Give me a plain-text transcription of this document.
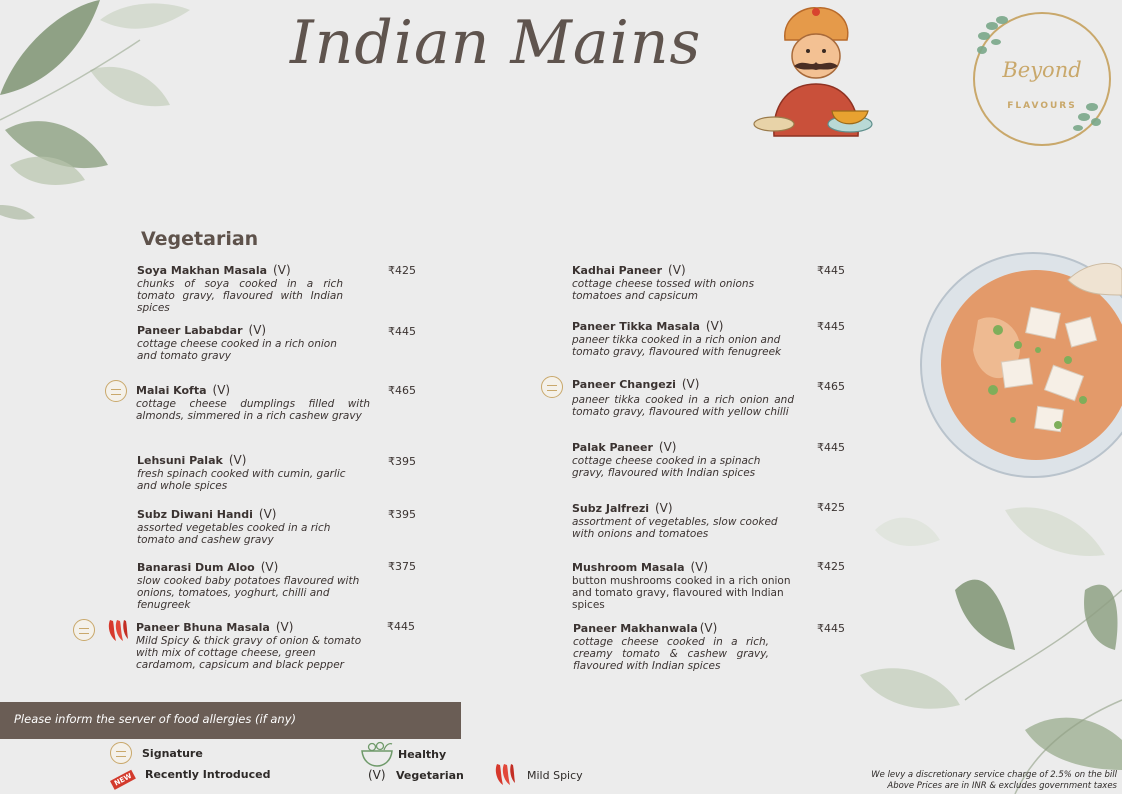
Indian Mains	Beyond
FLAVOURS
Vegetarian
Soya Makhan Masala (V)
chunks of soya cooked in a rich tomato gravy, flavoured with Indian spices
₹425
Paneer Lababdar (V)
cottage cheese cooked in a rich onion and tomato gravy
₹445
Malai Kofta (V)
cottage cheese dumplings filled with almonds, simmered in a rich cashew gravy
₹465
Lehsuni Palak (V)
fresh spinach cooked with cumin, garlic and whole spices
₹395
Subz Diwani Handi (V)
assorted vegetables cooked in a rich tomato and cashew gravy
₹395
Banarasi Dum Aloo (V)
slow cooked baby potatoes flavoured with onions, tomatoes, yoghurt, chilli and fenugreek
₹375
Paneer Bhuna Masala (V)
Mild Spicy & thick gravy of onion & tomato with mix of cottage cheese, green cardamom, capsicum and black pepper
₹445
Kadhai Paneer (V)
cottage cheese tossed with onions tomatoes and capsicum
₹445
Paneer Tikka Masala (V)
paneer tikka cooked in a rich onion and tomato gravy, flavoured with fenugreek
₹445
Paneer Changezi (V)
paneer tikka cooked in a rich onion and tomato gravy, flavoured with yellow chilli
₹465
Palak Paneer (V)
cottage cheese cooked in a spinach gravy, flavoured with Indian spices
₹445
Subz Jalfrezi (V)
assortment of vegetables, slow cooked with onions and tomatoes
₹425
Mushroom Masala (V)
button mushrooms cooked in a rich onion and tomato gravy, flavoured with Indian spices
₹425
Paneer Makhanwala (V)
cottage cheese cooked in a rich, creamy tomato & cashew gravy, flavoured with Indian spices
₹445
Please inform the server of food allergies (if any)
Signature
NEW Recently Introduced
Healthy
(V) Vegetarian	Mild Spicy	We levy a discretionary service charge of 2.5% on the bill
Above Prices are in INR & excludes government taxes
